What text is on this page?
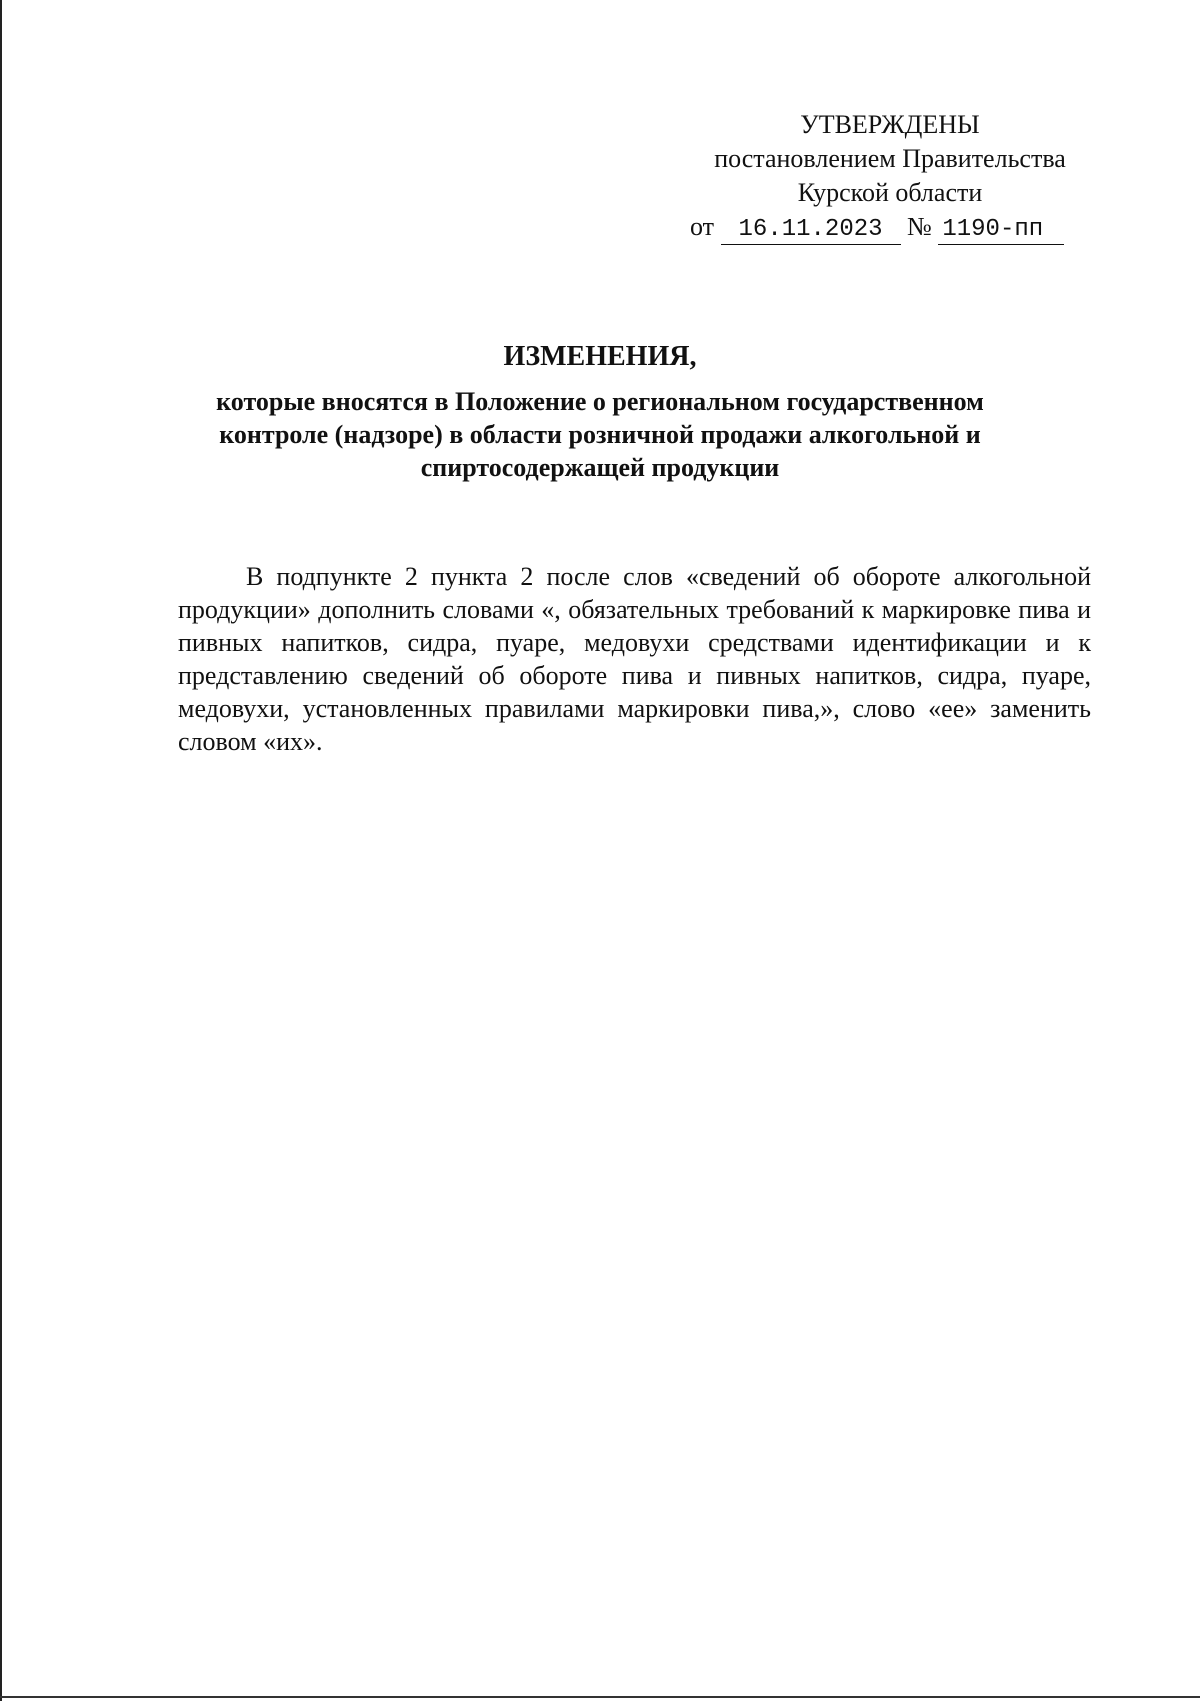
УТВЕРЖДЕНЫ
постановлением Правительства
Курской области
от 16.11.2023 № 1190-пп
ИЗМЕНЕНИЯ,
которые вносятся в Положение о региональном государственном контроле (надзоре) в области розничной продажи алкогольной и спиртосодержащей продукции
В подпункте 2 пункта 2 после слов «сведений об обороте алкогольной продукции» дополнить словами «, обязательных требований к маркировке пива и пивных напитков, сидра, пуаре, медовухи средствами идентификации и к представлению сведений об обороте пива и пивных напитков, сидра, пуаре, медовухи, установленных правилами маркировки пива,», слово «ее» заменить словом «их».
